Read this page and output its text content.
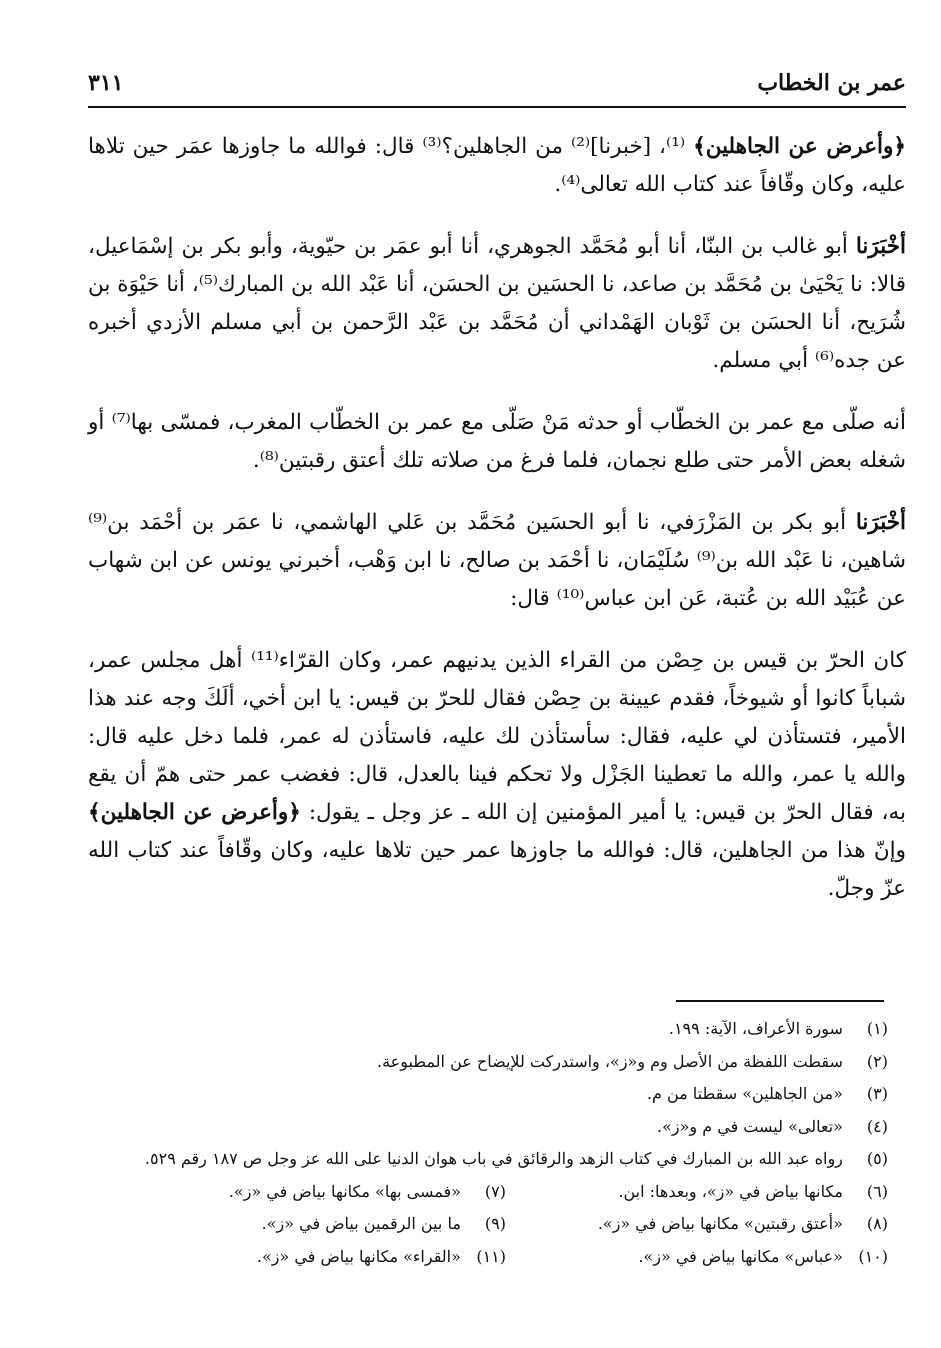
عمر بن الخطاب
٣١١

﴿وأعرض عن الجاهلين﴾ ⁽¹⁾، [خبرنا]⁽²⁾ من الجاهلين؟⁽³⁾ قال: فوالله ما جاوزها عمَر حين تلاها عليه، وكان وقّافاً عند كتاب الله تعالى⁽⁴⁾.

أخْبَرَنا أبو غالب بن البنّا، أنا أبو مُحَمَّد الجوهري، أنا أبو عمَر بن حيّوية، وأبو بكر بن إسْمَاعيل، قالا: نا يَحْيَىٰ بن مُحَمَّد بن صاعد، نا الحسَين بن الحسَن، أنا عَبْد الله بن المبارك⁽⁵⁾، أنا حَيْوَة بن شُرَيح، أنا الحسَن بن ثَوْبان الهَمْداني أن مُحَمَّد بن عَبْد الرَّحمن بن أبي مسلم الأزدي أخبره عن جده⁽⁶⁾ أبي مسلم.

أنه صلّى مع عمر بن الخطّاب أو حدثه مَنْ صَلّى مع عمر بن الخطّاب المغرب، فمسّى بها⁽⁷⁾ أو شغله بعض الأمر حتى طلع نجمان، فلما فرغ من صلاته تلك أعتق رقبتين⁽⁸⁾.

أخْبَرَنا أبو بكر بن المَزْرَفي، نا أبو الحسَين مُحَمَّد بن عَلي الهاشمي، نا عمَر بن أحْمَد بن⁽⁹⁾ شاهين، نا عَبْد الله بن⁽⁹⁾ سُلَيْمَان، نا أحْمَد بن صالح، نا ابن وَهْب، أخبرني يونس عن ابن شهاب عن عُبَيْد الله بن عُتبة، عَن ابن عباس⁽¹⁰⁾ قال:

كان الحرّ بن قيس بن حِصْن من القراء الذين يدنيهم عمر، وكان القرّاء⁽¹¹⁾ أهل مجلس عمر، شباباً كانوا أو شيوخاً، فقدم عيينة بن حِصْن فقال للحرّ بن قيس: يا ابن أخي، ألَكَ وجه عند هذا الأمير، فتستأذن لي عليه، فقال: سأستأذن لك عليه، فاستأذن له عمر، فلما دخل عليه قال: والله يا عمر، والله ما تعطينا الجَزْل ولا تحكم فينا بالعدل، قال: فغضب عمر حتى همّ أن يقع به، فقال الحرّ بن قيس: يا أمير المؤمنين إن الله ـ عز وجل ـ يقول: ﴿وأعرض عن الجاهلين﴾ وإنّ هذا من الجاهلين، قال: فوالله ما جاوزها عمر حين تلاها عليه، وكان وقّافاً عند كتاب الله عزّ وجلّ.

(١) سورة الأعراف، الآية: ١٩٩.
(٢) سقطت اللفظة من الأصل وم و«ز»، واستدركت للإيضاح عن المطبوعة.
(٣) «من الجاهلين» سقطتا من م.
(٤) «تعالى» ليست في م و«ز».
(٥) رواه عبد الله بن المبارك في كتاب الزهد والرقائق في باب هوان الدنيا على الله عز وجل ص ١٨٧ رقم ٥٢٩.
(٦) مكانها بياض في «ز»، وبعدها: ابن.
(٧) «فمسى بها» مكانها بياض في «ز».
(٨) «أعتق رقبتين» مكانها بياض في «ز».
(٩) ما بين الرقمين بياض في «ز».
(١٠) «عباس» مكانها بياض في «ز».
(١١) «القراء» مكانها بياض في «ز».
